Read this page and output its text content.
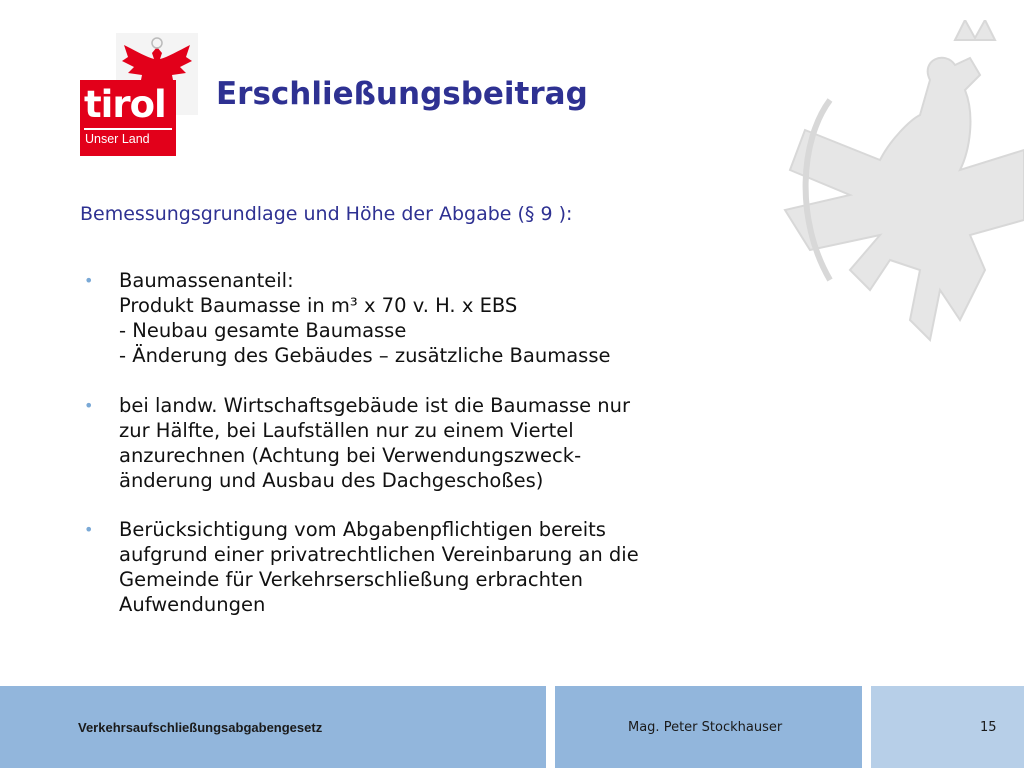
tirol
Unser Land
Erschließungsbeitrag

Bemessungsgrundlage und Höhe der Abgabe (§ 9 ):

• Baumassenanteil:
Produkt Baumasse in m³ x 70 v. H. x EBS
- Neubau gesamte Baumasse
- Änderung des Gebäudes – zusätzliche Baumasse
• bei landw. Wirtschaftsgebäude ist die Baumasse nur
zur Hälfte, bei Laufställen nur zu einem Viertel
anzurechnen (Achtung bei Verwendungszweck-
änderung und Ausbau des Dachgeschoßes)
• Berücksichtigung vom Abgabenpflichtigen bereits
aufgrund einer privatrechtlichen Vereinbarung an die
Gemeinde für Verkehrserschließung erbrachten
Aufwendungen
Verkehrsaufschließungsabgabengesetz	Mag. Peter Stockhauser	15
